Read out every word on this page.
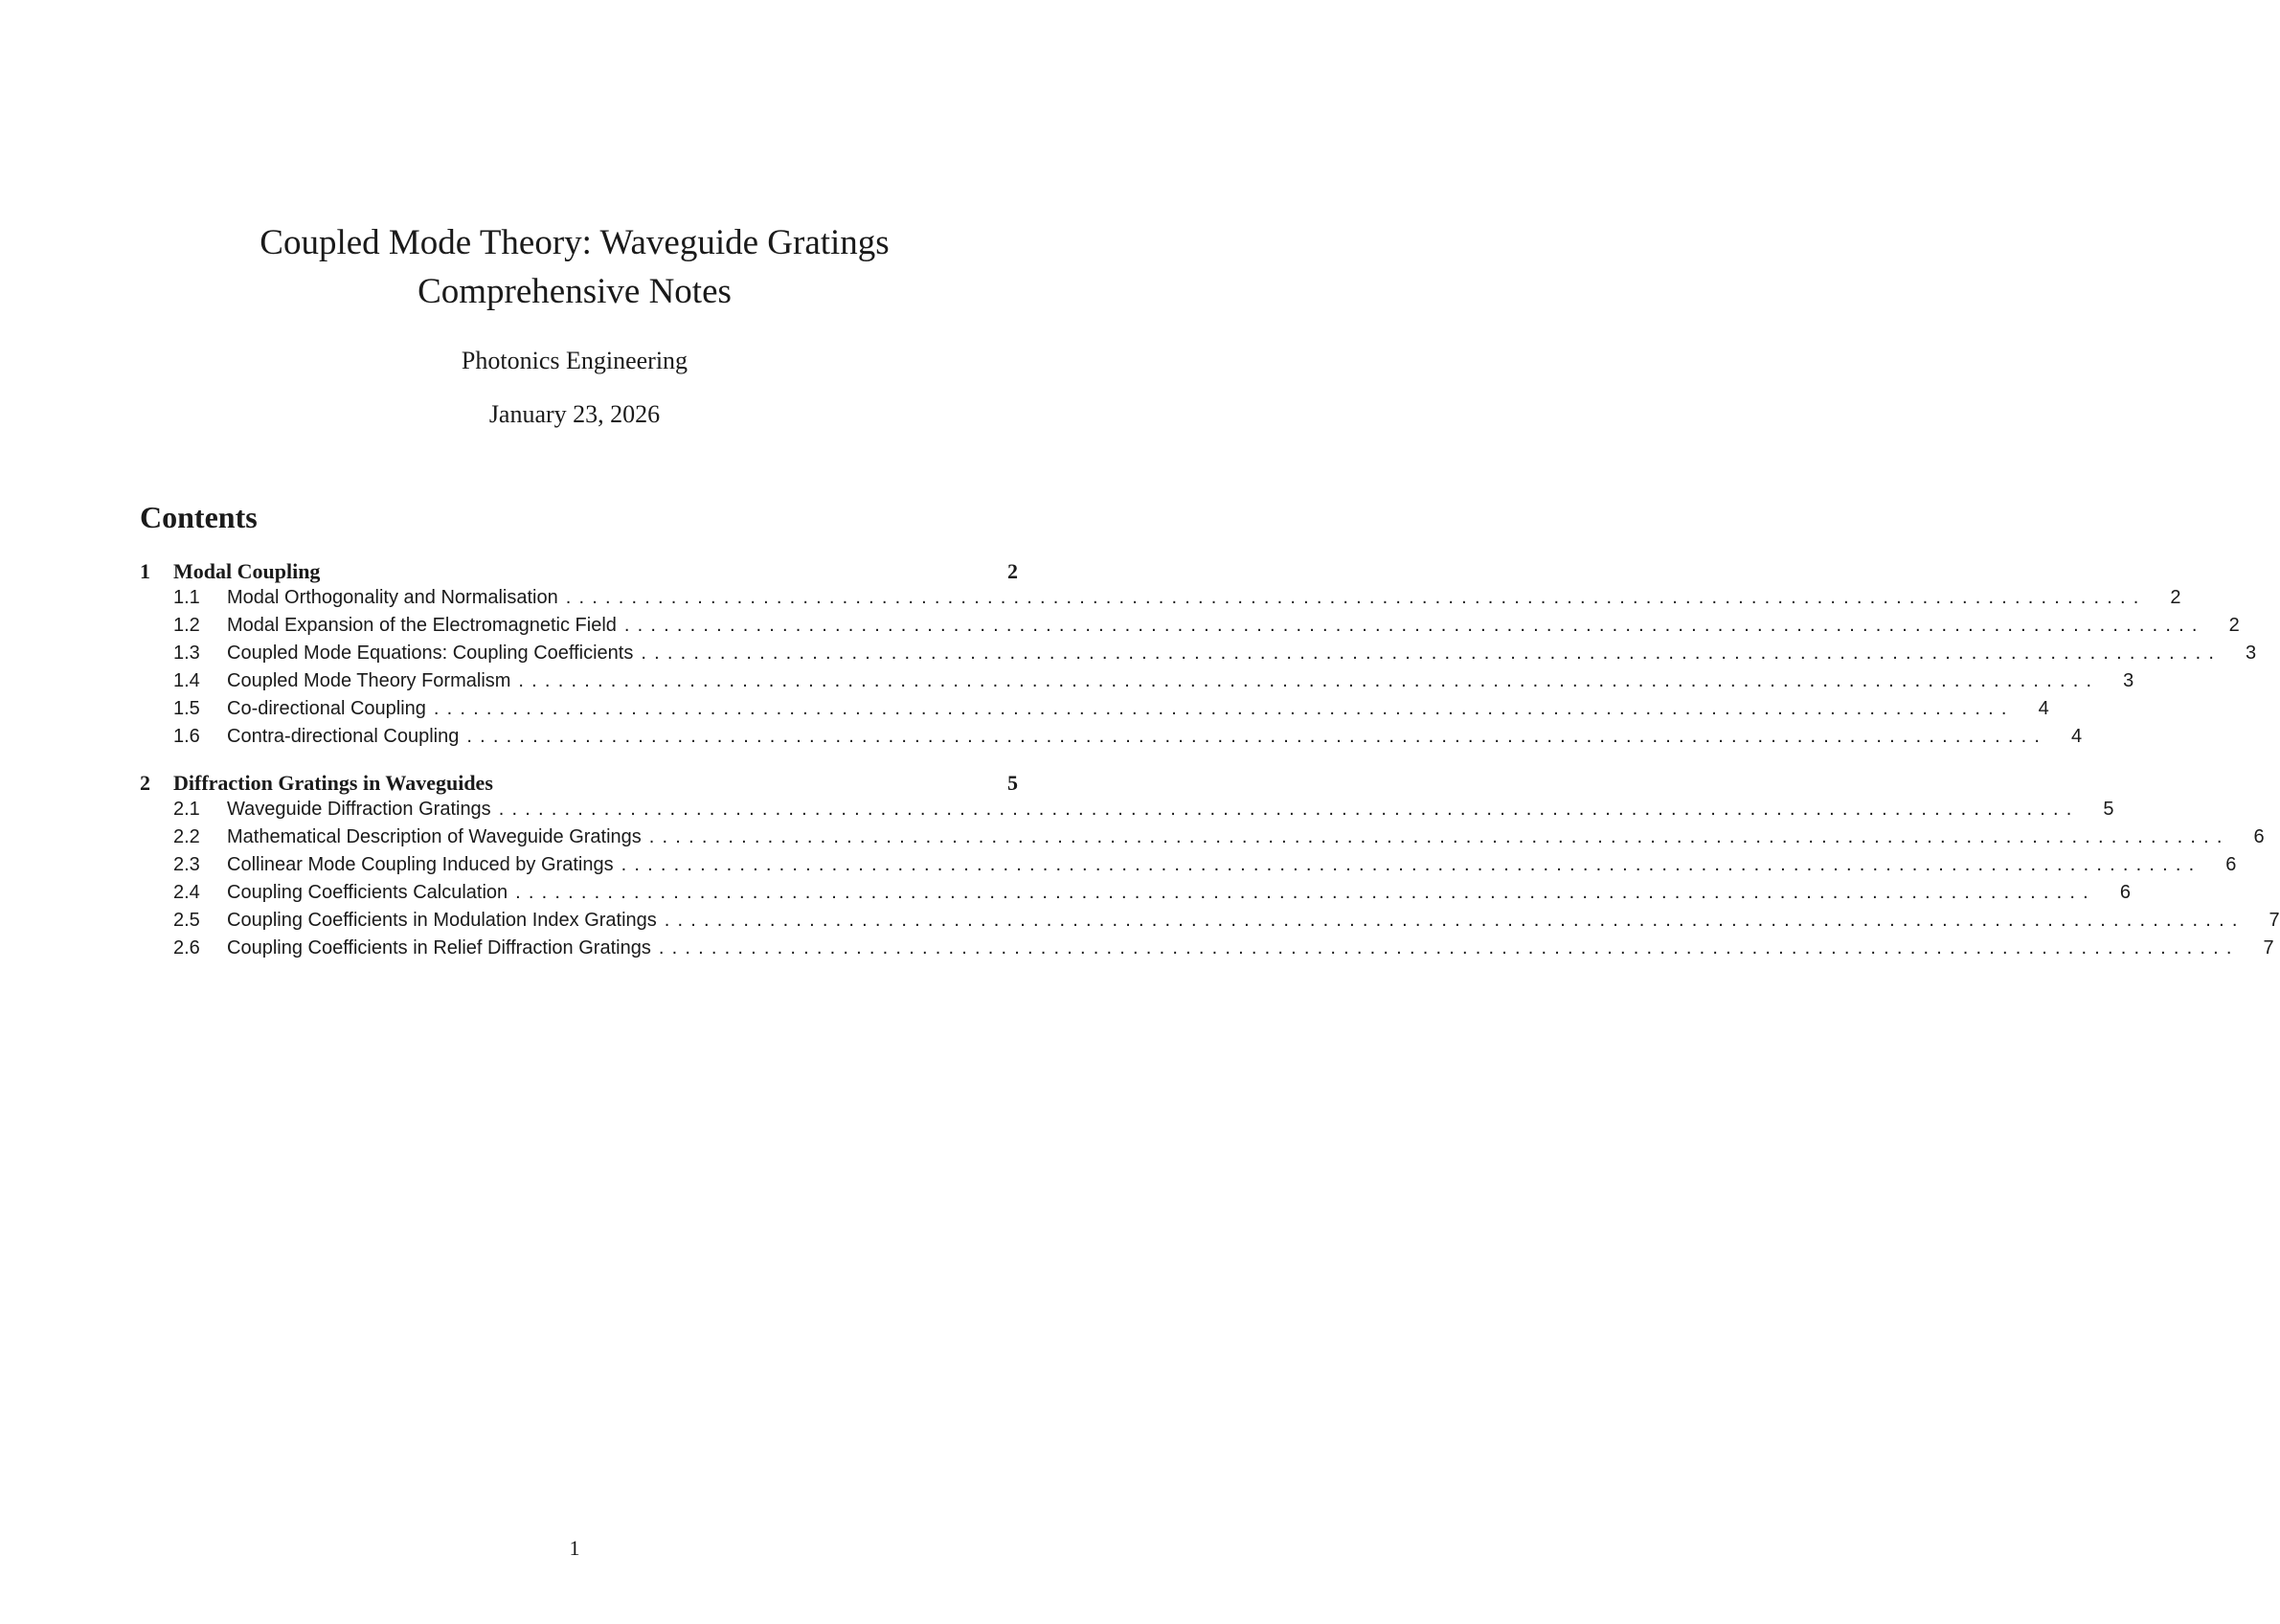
Coupled Mode Theory: Waveguide Gratings
Comprehensive Notes
Photonics Engineering
January 23, 2026
Contents
1	Modal Coupling	2
1.1	Modal Orthogonality and Normalisation ........................................................................................................................	2
1.2	Modal Expansion of the Electromagnetic Field ........................................................................................................................	2
1.3	Coupled Mode Equations: Coupling Coefficients ........................................................................................................................	3
1.4	Coupled Mode Theory Formalism ........................................................................................................................	3
1.5	Co-directional Coupling ........................................................................................................................	4
1.6	Contra-directional Coupling ........................................................................................................................	4
2	Diffraction Gratings in Waveguides	5
2.1	Waveguide Diffraction Gratings ........................................................................................................................	5
2.2	Mathematical Description of Waveguide Gratings ........................................................................................................................	6
2.3	Collinear Mode Coupling Induced by Gratings ........................................................................................................................	6
2.4	Coupling Coefficients Calculation ........................................................................................................................	6
2.5	Coupling Coefficients in Modulation Index Gratings ........................................................................................................................	7
2.6	Coupling Coefficients in Relief Diffraction Gratings ........................................................................................................................	7
1
